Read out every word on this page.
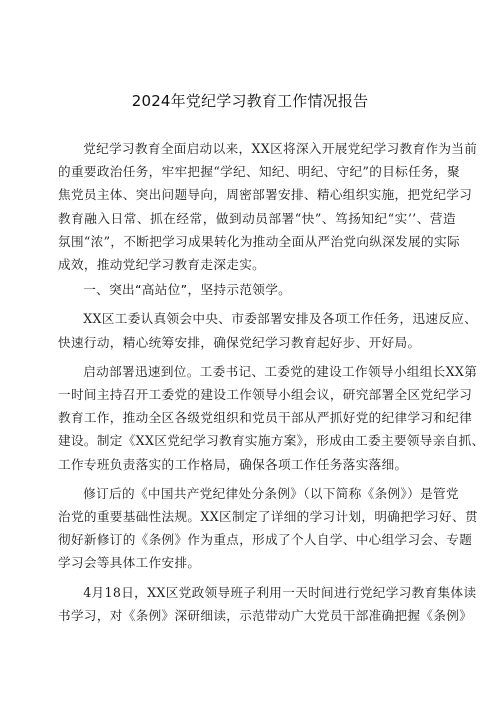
2024年党纪学习教育工作情况报告

党纪学习教育全面启动以来，XX区将深入开展党纪学习教育作为当前
的重要政治任务，牢牢把握“学纪、知纪、明纪、守纪”的目标任务，聚
焦党员主体、突出问题导向，周密部署安排、精心组织实施，把党纪学习
教育融入日常、抓在经常，做到动员部署“快”、笃扬知纪“实’’、营造
氛围“浓”，不断把学习成果转化为推动全面从严治党向纵深发展的实际
成效，推动党纪学习教育走深走实。

一、突出“高站位”，坚持示范领学。

XX区工委认真领会中央、市委部署安排及各项工作任务，迅速反应、
快速行动，精心统筹安排，确保党纪学习教育起好步、开好局。

启动部署迅速到位。工委书记、工委党的建设工作领导小组组长XX第
一时间主持召开工委党的建设工作领导小组会议，研究部署全区党纪学习
教育工作，推动全区各级党组织和党员干部从严抓好党的纪律学习和纪律
建设。制定《XX区党纪学习教育实施方案》，形成由工委主要领导亲自抓、
工作专班负责落实的工作格局，确保各项工作任务落实落细。

修订后的《中国共产党纪律处分条例》（以下简称《条例》）是管党
治党的重要基础性法规。XX区制定了详细的学习计划，明确把学习好、贯
彻好新修订的《条例》作为重点，形成了个人自学、中心组学习会、专题
学习会等具体工作安排。

4月18日，XX区党政领导班子利用一天时间进行党纪学习教育集体读
书学习，对《条例》深研细读，示范带动广大党员干部准确把握《条例》
